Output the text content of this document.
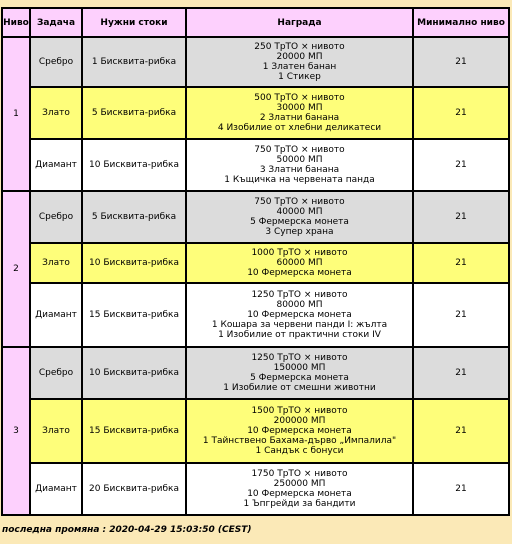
Ниво	Задача	Нужни стоки	Награда	Минимално ниво
1	Сребро	1 Бисквита-рибка	250 ТрТО × нивото
20000 МП
1 Златен банан
1 Стикер	21
	Злато	5 Бисквита-рибка	500 ТрТО × нивото
30000 МП
2 Златни банана
4 Изобилие от хлебни деликатеси	21
	Диамант	10 Бисквита-рибка	750 ТрТО × нивото
50000 МП
3 Златни банана
1 Къщичка на червената панда	21
2	Сребро	5 Бисквита-рибка	750 ТрТО × нивото
40000 МП
5 Фермерска монета
3 Супер храна	21
	Злато	10 Бисквита-рибка	1000 ТрТО × нивото
60000 МП
10 Фермерска монета	21
	Диамант	15 Бисквита-рибка	1250 ТрТО × нивото
80000 МП
10 Фермерска монета
1 Кошара за червени панди I: жълта
1 Изобилие от практични стоки IV	21
3	Сребро	10 Бисквита-рибка	1250 ТрТО × нивото
150000 МП
5 Фермерска монета
1 Изобилие от смешни животни	21
	Злато	15 Бисквита-рибка	1500 ТрТО × нивото
200000 МП
10 Фермерска монета
1 Тайнствено Бахама-дърво „Импалила"
1 Сандък с бонуси	21
	Диамант	20 Бисквита-рибка	1750 ТрТО × нивото
250000 МП
10 Фермерска монета
1 Ъпгрейди за бандити	21
последна промяна : 2020-04-29 15:03:50 (CEST)
